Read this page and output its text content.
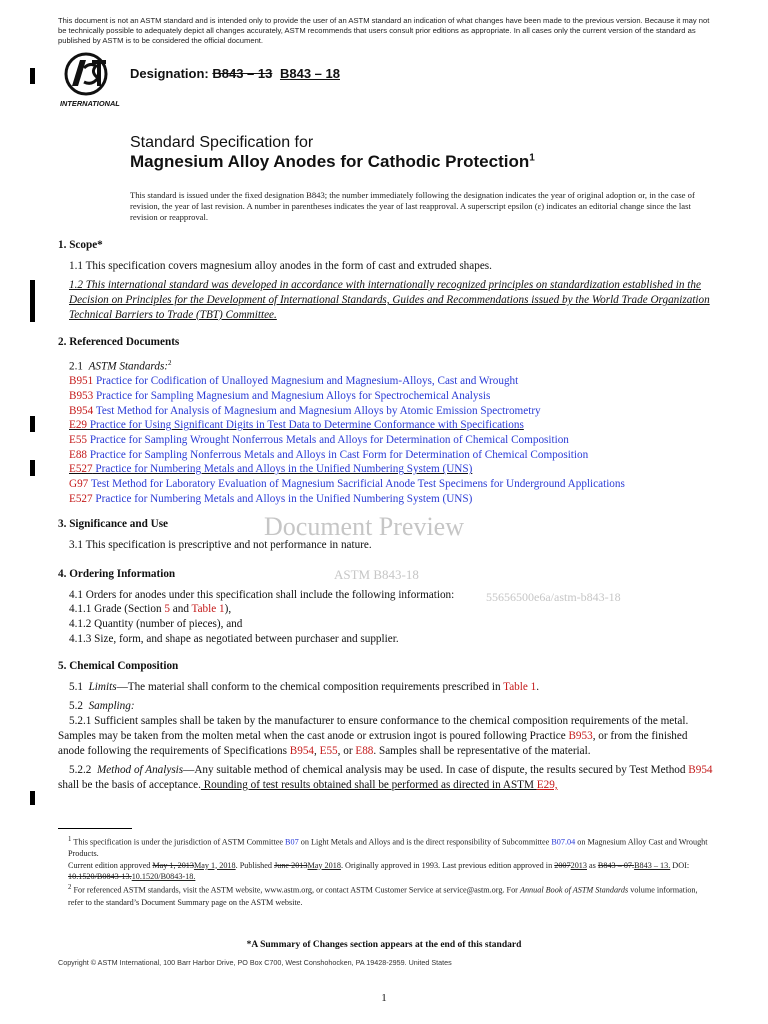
This document is not an ASTM standard and is intended only to provide the user of an ASTM standard an indication of what changes have been made to the previous version. Because it may not be technically possible to adequately depict all changes accurately, ASTM recommends that users consult prior editions as appropriate. In all cases only the current version of the standard as published by ASTM is to be considered the official document.
INTERNATIONAL
Designation: B843 – 13 B843 – 18
Standard Specification for
Magnesium Alloy Anodes for Cathodic Protection$^1$
This standard is issued under the fixed designation B843; the number immediately following the designation indicates the year of original adoption or, in the case of revision, the year of last revision. A number in parentheses indicates the year of last reapproval. A superscript epsilon (ε) indicates an editorial change since the last revision or reapproval.
Document Preview
ASTM B843-18
55656500e6a/astm-b843-18
1. Scope*
1.1 This specification covers magnesium alloy anodes in the form of cast and extruded shapes.
1.2 This international standard was developed in accordance with internationally recognized principles on standardization established in the Decision on Principles for the Development of International Standards, Guides and Recommendations issued by the World Trade Organization Technical Barriers to Trade (TBT) Committee.
2. Referenced Documents
2.1 ASTM Standards:$^2$
B951 Practice for Codification of Unalloyed Magnesium and Magnesium-Alloys, Cast and Wrought
B953 Practice for Sampling Magnesium and Magnesium Alloys for Spectrochemical Analysis
B954 Test Method for Analysis of Magnesium and Magnesium Alloys by Atomic Emission Spectrometry
E29 Practice for Using Significant Digits in Test Data to Determine Conformance with Specifications
E55 Practice for Sampling Wrought Nonferrous Metals and Alloys for Determination of Chemical Composition
E88 Practice for Sampling Nonferrous Metals and Alloys in Cast Form for Determination of Chemical Composition
E527 Practice for Numbering Metals and Alloys in the Unified Numbering System (UNS)
G97 Test Method for Laboratory Evaluation of Magnesium Sacrificial Anode Test Specimens for Underground Applications
E527 Practice for Numbering Metals and Alloys in the Unified Numbering System (UNS)
3. Significance and Use
3.1 This specification is prescriptive and not performance in nature.
4. Ordering Information
4.1 Orders for anodes under this specification shall include the following information:
4.1.1 Grade (Section 5 and Table 1),
4.1.2 Quantity (number of pieces), and
4.1.3 Size, form, and shape as negotiated between purchaser and supplier.
5. Chemical Composition
5.1 Limits—The material shall conform to the chemical composition requirements prescribed in Table 1.
5.2 Sampling:
5.2.1 Sufficient samples shall be taken by the manufacturer to ensure conformance to the chemical composition requirements of the metal. Samples may be taken from the molten metal when the cast anode or extrusion ingot is poured following Practice B953, or from the finished anode following the requirements of Specifications B954, E55, or E88. Samples shall be representative of the material.
5.2.2 Method of Analysis—Any suitable method of chemical analysis may be used. In case of dispute, the results secured by Test Method B954 shall be the basis of acceptance. Rounding of test results obtained shall be performed as directed in ASTM E29,
$^1$ This specification is under the jurisdiction of ASTM Committee B07 on Light Metals and Alloys and is the direct responsibility of Subcommittee B07.04 on Magnesium Alloy Cast and Wrought Products.
Current edition approved May 1, 2013May 1, 2018. Published June 2013May 2018. Originally approved in 1993. Last previous edition approved in 20072013 as B843 – 07.B843 – 13. DOI: 10.1520/B0843-13.10.1520/B0843-18.
$^2$ For referenced ASTM standards, visit the ASTM website, www.astm.org, or contact ASTM Customer Service at service@astm.org. For Annual Book of ASTM Standards volume information, refer to the standard’s Document Summary page on the ASTM website.
*A Summary of Changes section appears at the end of this standard
Copyright © ASTM International, 100 Barr Harbor Drive, PO Box C700, West Conshohocken, PA 19428-2959. United States
1
